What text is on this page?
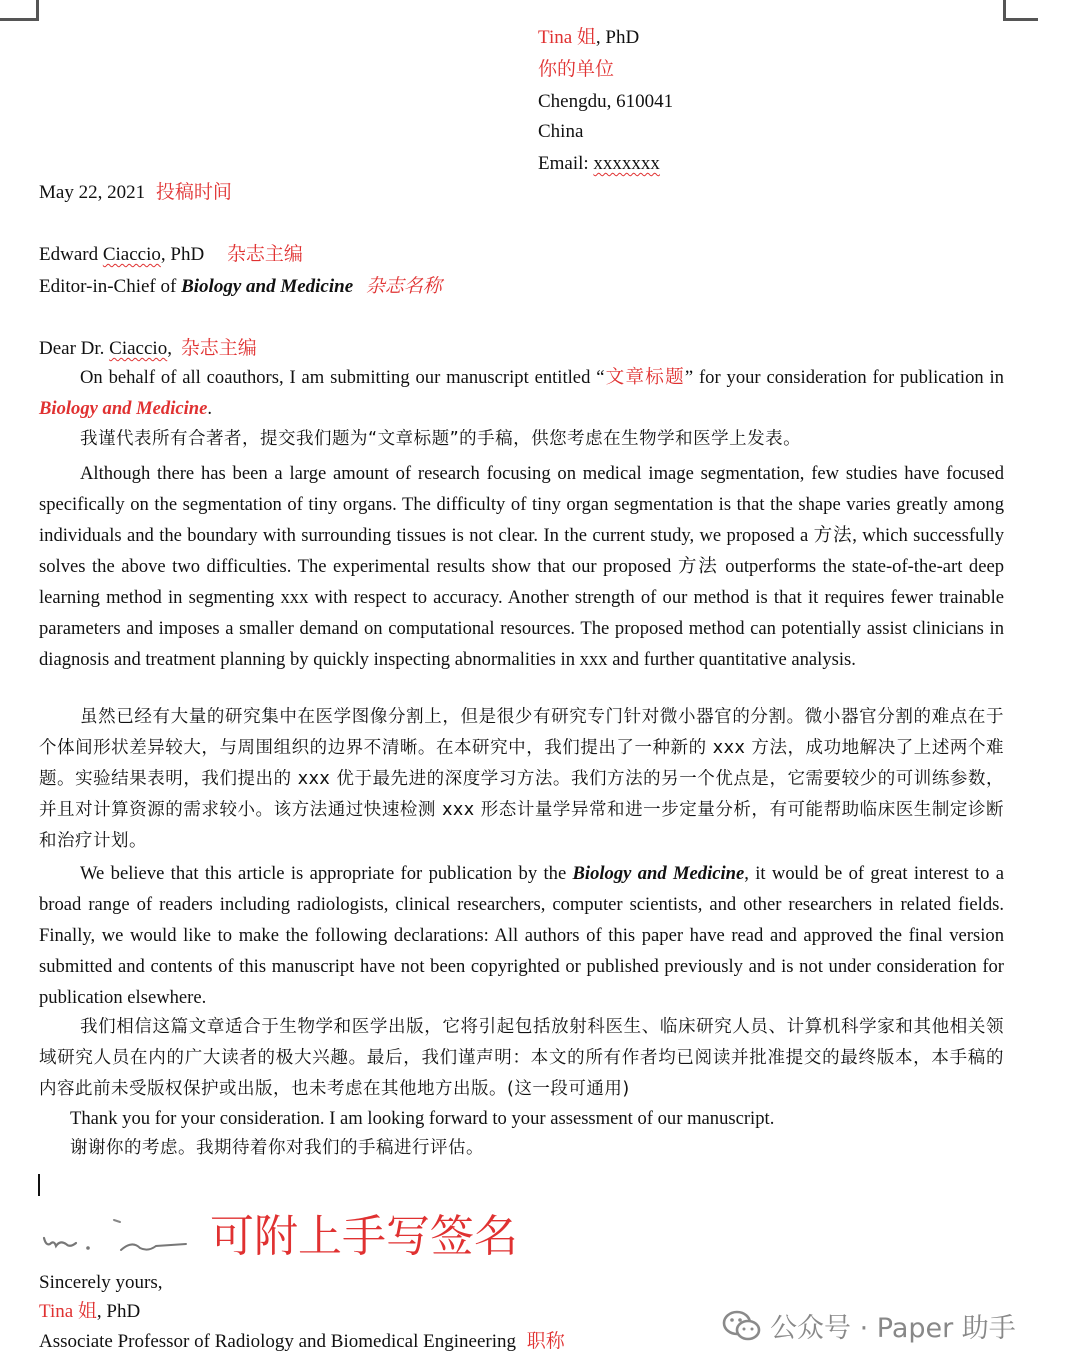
Tina 姐, PhD
你的单位
Chengdu, 610041
China
Email: xxxxxxx
May 22, 2021 投稿时间
Edward Ciaccio, PhD 杂志主编
Editor-in-Chief of Biology and Medicine 杂志名称
Dear Dr. Ciaccio, 杂志主编
On behalf of all coauthors, I am submitting our manuscript entitled “文章标题” for your consideration for publication in Biology and Medicine.
我谨代表所有合著者，提交我们题为“文章标题”的手稿，供您考虑在生物学和医学上发表。
Although there has been a large amount of research focusing on medical image segmentation, few studies have focused specifically on the segmentation of tiny organs. The difficulty of tiny organ segmentation is that the shape varies greatly among individuals and the boundary with surrounding tissues is not clear. In the current study, we proposed a 方法, which successfully solves the above two difficulties. The experimental results show that our proposed 方法 outperforms the state-of-the-art deep learning method in segmenting xxx with respect to accuracy. Another strength of our method is that it requires fewer trainable parameters and imposes a smaller demand on computational resources. The proposed method can potentially assist clinicians in diagnosis and treatment planning by quickly inspecting abnormalities in xxx and further quantitative analysis.
虽然已经有大量的研究集中在医学图像分割上，但是很少有研究专门针对微小器官的分割。微小器官分割的难点在于个体间形状差异较大，与周围组织的边界不清晰。在本研究中，我们提出了一种新的 xxx 方法，成功地解决了上述两个难题。实验结果表明，我们提出的 xxx 优于最先进的深度学习方法。我们方法的另一个优点是，它需要较少的可训练参数，并且对计算资源的需求较小。该方法通过快速检测 xxx 形态计量学异常和进一步定量分析，有可能帮助临床医生制定诊断和治疗计划。
We believe that this article is appropriate for publication by the Biology and Medicine, it would be of great interest to a broad range of readers including radiologists, clinical researchers, computer scientists, and other researchers in related fields. Finally, we would like to make the following declarations: All authors of this paper have read and approved the final version submitted and contents of this manuscript have not been copyrighted or published previously and is not under consideration for publication elsewhere.
我们相信这篇文章适合于生物学和医学出版，它将引起包括放射科医生、临床研究人员、计算机科学家和其他相关领域研究人员在内的广大读者的极大兴趣。最后，我们谨声明：本文的所有作者均已阅读并批准提交的最终版本，本手稿的内容此前未受版权保护或出版，也未考虑在其他地方出版。(这一段可通用)
Thank you for your consideration. I am looking forward to your assessment of our manuscript.
谢谢你的考虑。我期待着你对我们的手稿进行评估。
可附上手写签名
Sincerely yours,
Tina 姐, PhD
Associate Professor of Radiology and Biomedical Engineering 职称	公众号 · Paper 助手
